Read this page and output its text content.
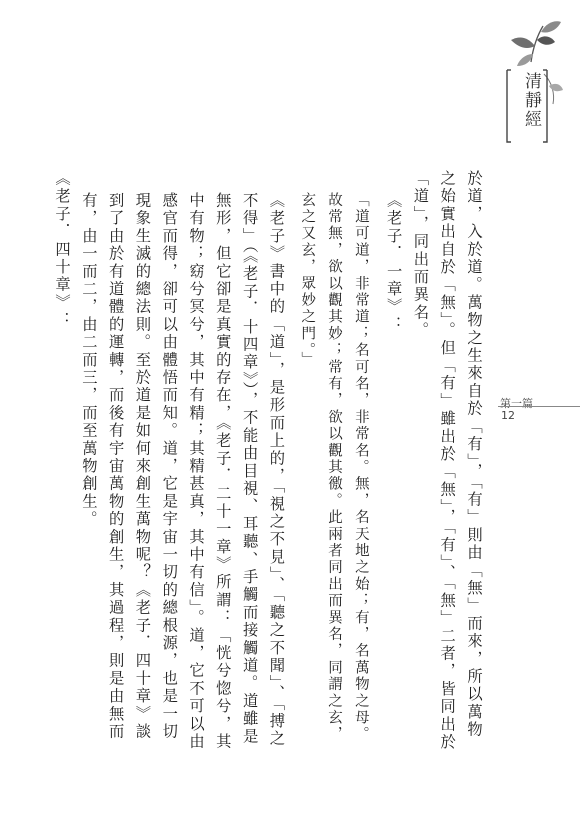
清靜經
第一篇
12

於道，入於道。萬物之生來自於「有」，「有」則由「無」而來，所以萬物之始實出自於「無」。但「有」雖出於「無」，「有」、「無」二者，皆同出於「道」，同出而異名。

《老子．一章》：

「道可道，非常道；名可名，非常名。無，名天地之始；有，名萬物之母。故常無，欲以觀其妙；常有，欲以觀其徼。此兩者同出而異名，同謂之玄，玄之又玄，眾妙之門。」

《老子》書中的「道」，是形而上的，「視之不見」、「聽之不聞」、「搏之不得」（《老子．十四章》），不能由目視、耳聽、手觸而接觸道。道雖是無形，但它卻是真實的存在，《老子．二十一章》所謂：「恍兮惚兮，其中有物；窈兮冥兮，其中有精；其精甚真，其中有信」。道，它不可以由感官而得，卻可以由體悟而知。道，它是宇宙一切的總根源，也是一切現象生滅的總法則。至於道是如何來創生萬物呢？《老子．四十章》談到了由於有道體的運轉，而後有宇宙萬物的創生，其過程，則是由無而有，由一而二，由二而三，而至萬物創生。

《老子．四十章》：
